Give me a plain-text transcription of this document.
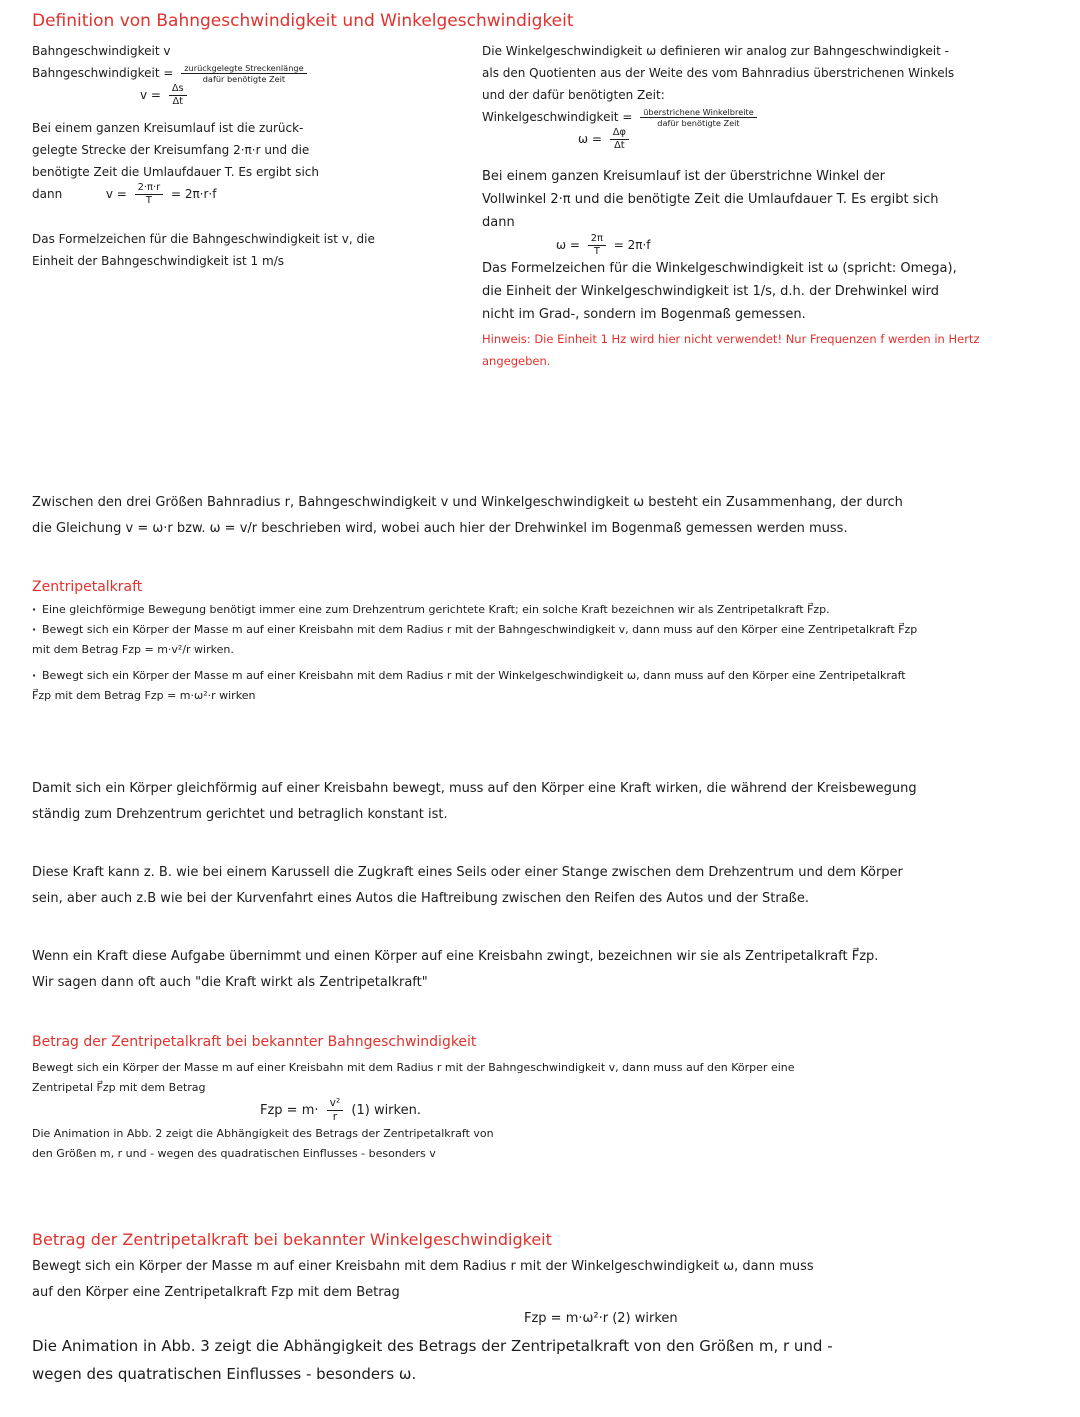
Definition von Bahngeschwindigkeit und Winkelgeschwindigkeit
Bahngeschwindigkeit v
Bahngeschwindigkeit = $\frac{\text{zurückgelegte Streckenlänge}}{\text{dafür benötigte Zeit}}$
$v = \frac{\Delta s}{\Delta t}$
Bei einem ganzen Kreisumlauf ist die zurück-
gelegte Strecke der Kreisumfang 2·π·r und die
benötigte Zeit die Umlaufdauer T. Es ergibt sich
dann	$v = \frac{2\cdot\pi\cdot r}{T} = 2\pi\cdot r\cdot f$
Das Formelzeichen für die Bahngeschwindigkeit ist v, die
Einheit der Bahngeschwindigkeit ist 1 m/s
Die Winkelgeschwindigkeit ω definieren wir analog zur Bahngeschwindigkeit -
als den Quotienten aus der Weite des vom Bahnradius überstrichenen Winkels
und der dafür benötigten Zeit:
Winkelgeschwindigkeit = $\frac{\text{überstrichene Winkelbreite}}{\text{dafür benötigte Zeit}}$
$\omega = \frac{\Delta\varphi}{\Delta t}$
Bei einem ganzen Kreisumlauf ist der überstrichne Winkel der
Vollwinkel 2·π und die benötigte Zeit die Umlaufdauer T. Es ergibt sich
dann
$\omega = \frac{2\pi}{T} = 2\pi\cdot f$
Das Formelzeichen für die Winkelgeschwindigkeit ist ω (spricht: Omega),
die Einheit der Winkelgeschwindigkeit ist 1/s, d.h. der Drehwinkel wird
nicht im Grad-, sondern im Bogenmaß gemessen.
Hinweis: Die Einheit 1 Hz wird hier nicht verwendet! Nur Frequenzen f werden in Hertz
angegeben.
Zwischen den drei Größen Bahnradius r, Bahngeschwindigkeit v und Winkelgeschwindigkeit ω besteht ein Zusammenhang, der durch
die Gleichung v = ω·r bzw. ω = v/r beschrieben wird, wobei auch hier der Drehwinkel im Bogenmaß gemessen werden muss.
Zentripetalkraft
· Eine gleichförmige Bewegung benötigt immer eine zum Drehzentrum gerichtete Kraft; ein solche Kraft bezeichnen wir als Zentripetalkraft F⃗zp.
· Bewegt sich ein Körper der Masse m auf einer Kreisbahn mit dem Radius r mit der Bahngeschwindigkeit v, dann muss auf den Körper eine Zentripetalkraft F⃗zp
mit dem Betrag Fzp = m·v²/r wirken.
· Bewegt sich ein Körper der Masse m auf einer Kreisbahn mit dem Radius r mit der Winkelgeschwindigkeit ω, dann muss auf den Körper eine Zentripetalkraft
F⃗zp mit dem Betrag Fzp = m·ω²·r wirken
Damit sich ein Körper gleichförmig auf einer Kreisbahn bewegt, muss auf den Körper eine Kraft wirken, die während der Kreisbewegung
ständig zum Drehzentrum gerichtet und betraglich konstant ist.
Diese Kraft kann z. B. wie bei einem Karussell die Zugkraft eines Seils oder einer Stange zwischen dem Drehzentrum und dem Körper
sein, aber auch z.B wie bei der Kurvenfahrt eines Autos die Haftreibung zwischen den Reifen des Autos und der Straße.
Wenn ein Kraft diese Aufgabe übernimmt und einen Körper auf eine Kreisbahn zwingt, bezeichnen wir sie als Zentripetalkraft F⃗zp.
Wir sagen dann oft auch "die Kraft wirkt als Zentripetalkraft"
Betrag der Zentripetalkraft bei bekannter Bahngeschwindigkeit
Bewegt sich ein Körper der Masse m auf einer Kreisbahn mit dem Radius r mit der Bahngeschwindigkeit v, dann muss auf den Körper eine
Zentripetal F⃗zp mit dem Betrag
Fzp = $m\cdot \frac{\text{v²}}{r} (1)$ wirken.
Die Animation in Abb. 2 zeigt die Abhängigkeit des Betrags der Zentripetalkraft von
den Größen m, r und - wegen des quadratischen Einflusses - besonders v
Betrag der Zentripetalkraft bei bekannter Winkelgeschwindigkeit
Bewegt sich ein Körper der Masse m auf einer Kreisbahn mit dem Radius r mit der Winkelgeschwindigkeit ω, dann muss
auf den Körper eine Zentripetalkraft Fzp mit dem Betrag
Fzp = m·ω²·r (2) wirken
Die Animation in Abb. 3 zeigt die Abhängigkeit des Betrags der Zentripetalkraft von den Größen m, r und -
wegen des quatratischen Einflusses - besonders ω.
